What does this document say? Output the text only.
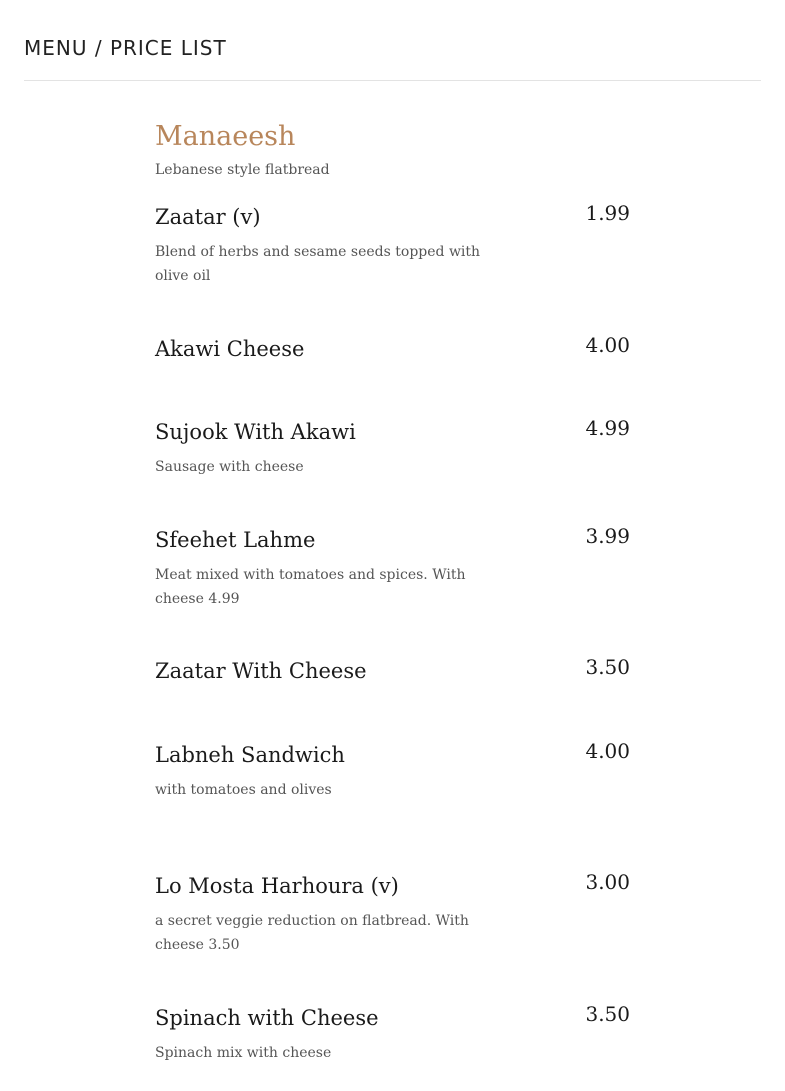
MENU / PRICE LIST
Manaeesh

Lebanese style flatbread

Zaatar (v)	1.99
Blend of herbs and sesame seeds topped with olive oil
Akawi Cheese	4.00
Sujook With Akawi	4.99
Sausage with cheese
Sfeehet Lahme	3.99
Meat mixed with tomatoes and spices. With cheese 4.99
Zaatar With Cheese	3.50
Labneh Sandwich	4.00
with tomatoes and olives
Lo Mosta Harhoura (v)	3.00
a secret veggie reduction on flatbread. With cheese 3.50
Spinach with Cheese	3.50
Spinach mix with cheese
